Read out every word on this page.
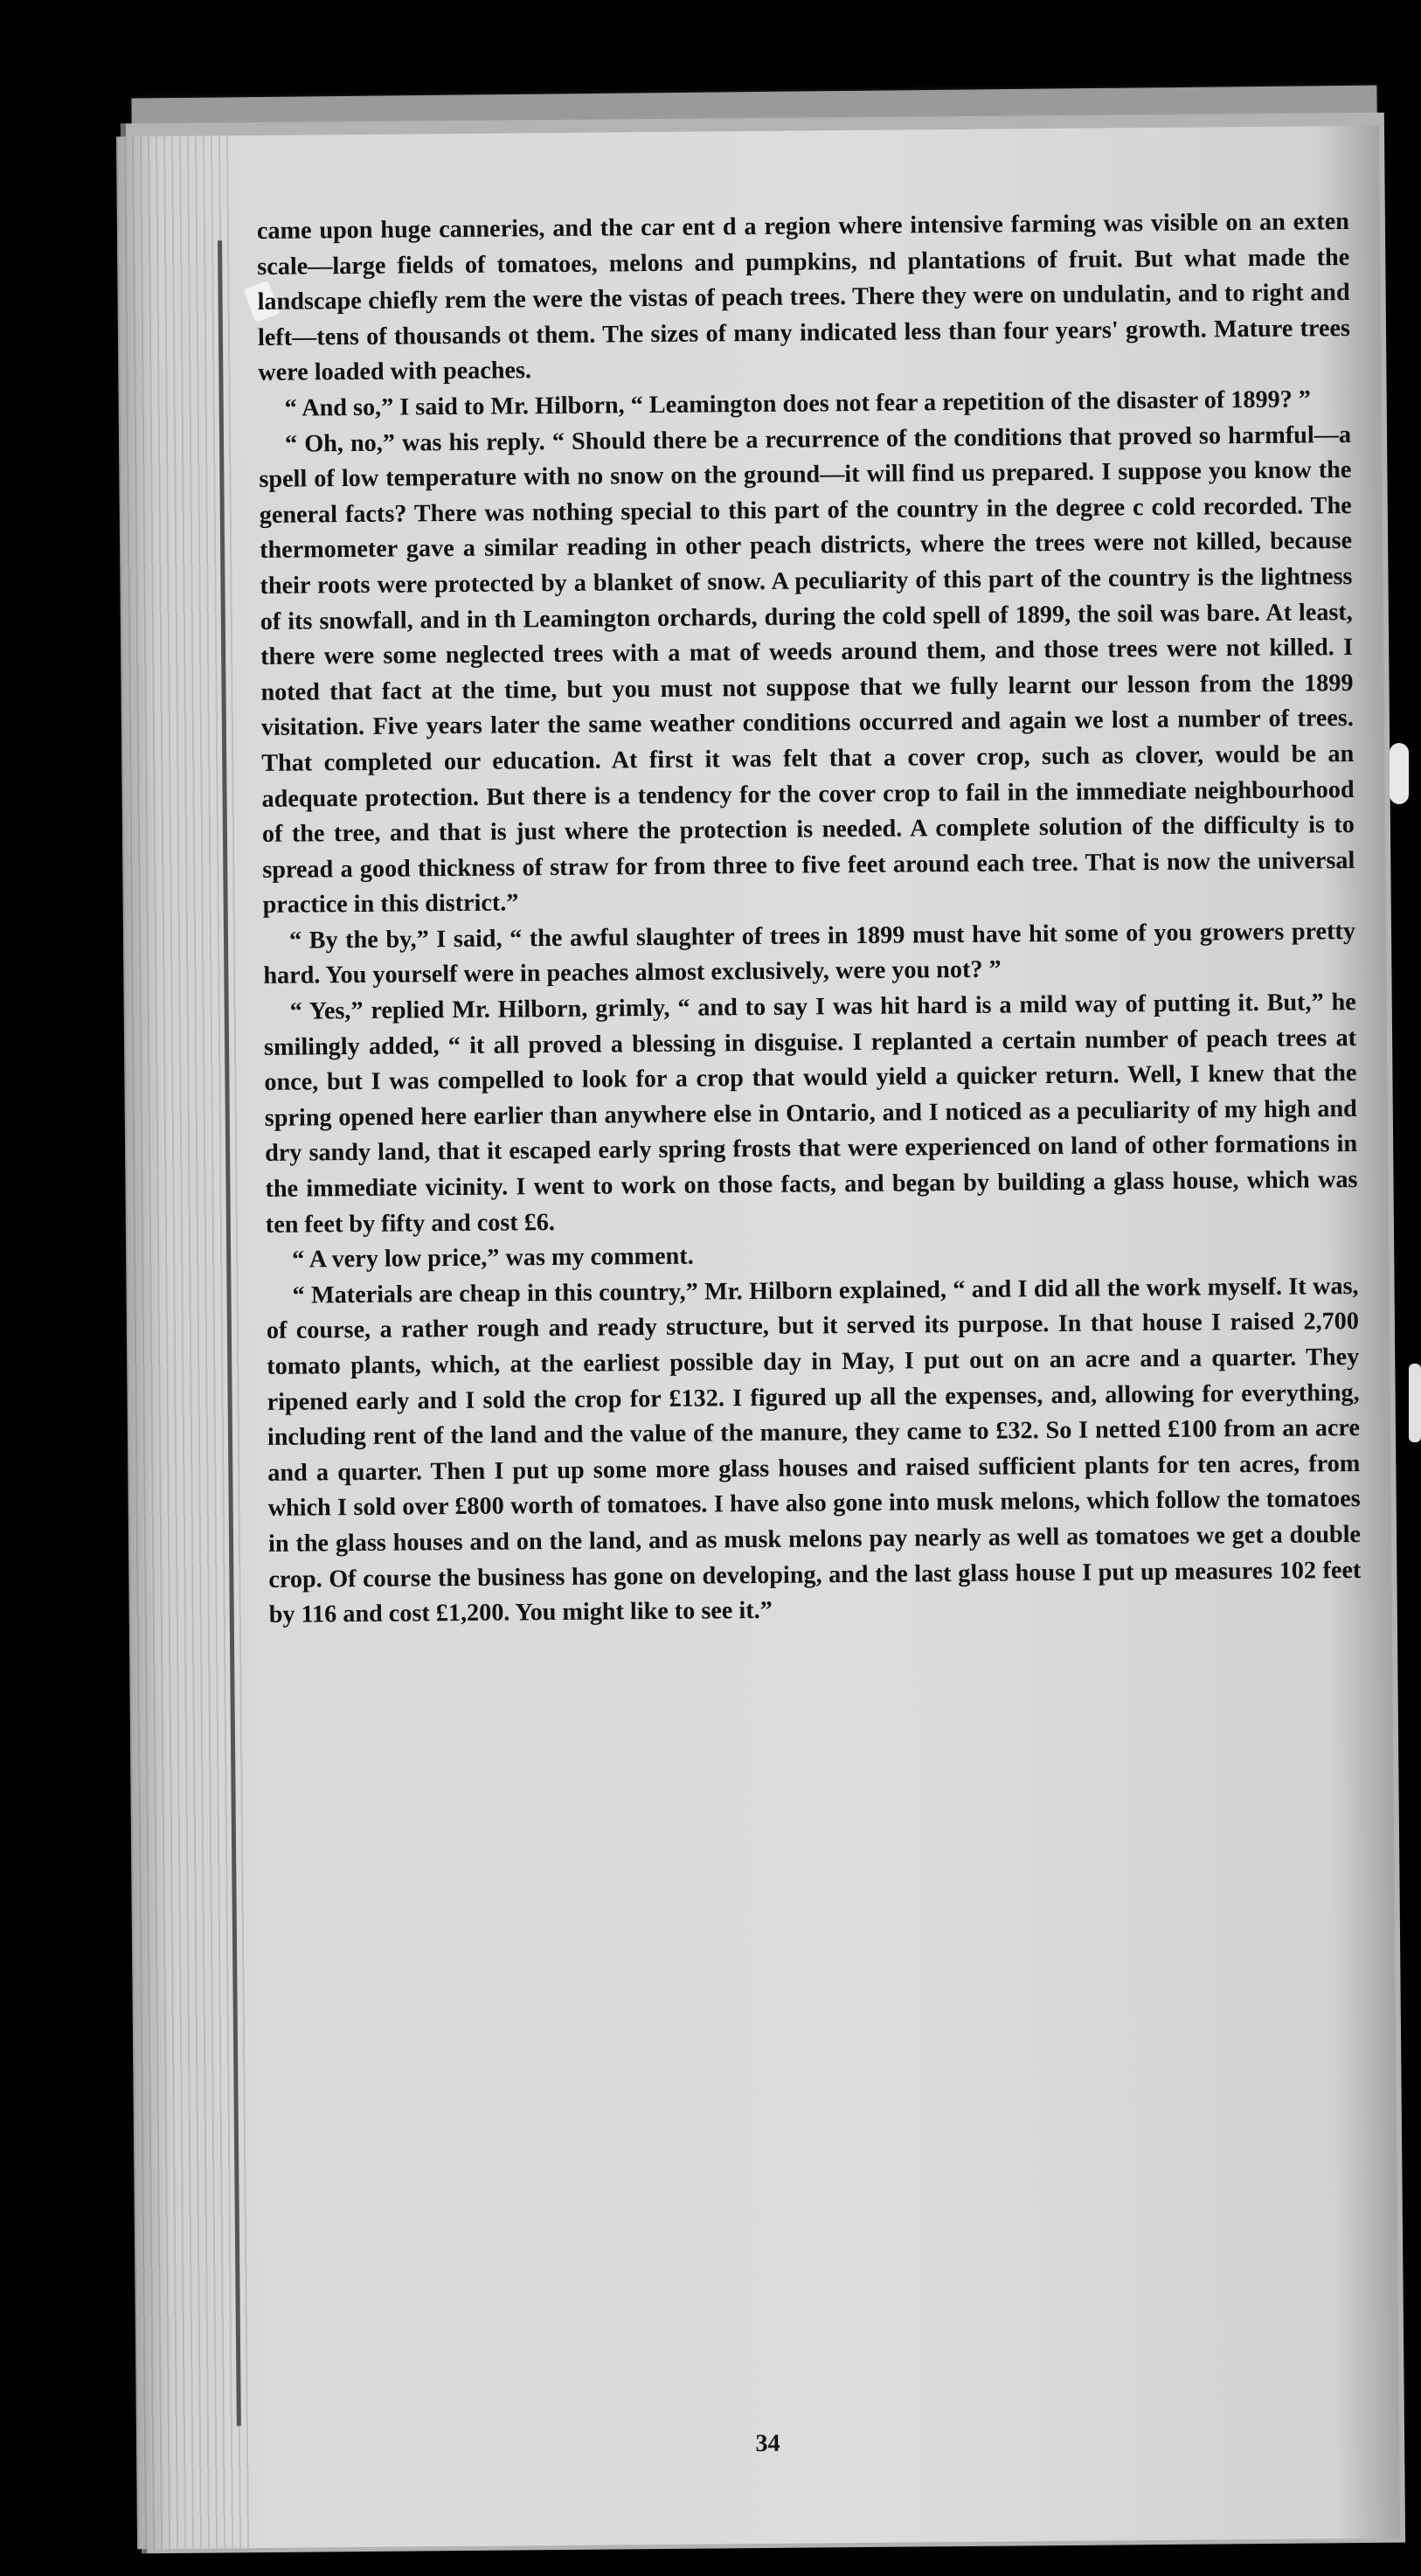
came upon huge canneries, and the car ent d a region where intensive farming was visible on an exten scale—large fields of tomatoes, melons and pumpkins, nd plantations of fruit. But what made the landscape chiefly rem the were the vistas of peach trees. There they were on undulatin, and to right and left—tens of thousands ot them. The sizes of many indicated less than four years' growth. Mature trees were loaded with peaches.

“ And so,” I said to Mr. Hilborn, “ Leamington does not fear a repetition of the disaster of 1899? ”

“ Oh, no,” was his reply. “ Should there be a recurrence of the conditions that proved so harmful—a spell of low temperature with no snow on the ground—it will find us prepared. I suppose you know the general facts? There was nothing special to this part of the country in the degree c cold recorded. The thermometer gave a similar reading in other peach districts, where the trees were not killed, because their roots were protected by a blanket of snow. A peculiarity of this part of the country is the lightness of its snowfall, and in th Leamington orchards, during the cold spell of 1899, the soil was bare. At least, there were some neglected trees with a mat of weeds around them, and those trees were not killed. I noted that fact at the time, but you must not suppose that we fully learnt our lesson from the 1899 visitation. Five years later the same weather conditions occurred and again we lost a number of trees. That completed our education. At first it was felt that a cover crop, such as clover, would be an adequate protection. But there is a tendency for the cover crop to fail in the immediate neighbourhood of the tree, and that is just where the protection is needed. A complete solution of the difficulty is to spread a good thickness of straw for from three to five feet around each tree. That is now the universal practice in this district.”

“ By the by,” I said, “ the awful slaughter of trees in 1899 must have hit some of you growers pretty hard. You yourself were in peaches almost exclusively, were you not? ”

“ Yes,” replied Mr. Hilborn, grimly, “ and to say I was hit hard is a mild way of putting it. But,” he smilingly added, “ it all proved a blessing in disguise. I replanted a certain number of peach trees at once, but I was compelled to look for a crop that would yield a quicker return. Well, I knew that the spring opened here earlier than anywhere else in Ontario, and I noticed as a peculiarity of my high and dry sandy land, that it escaped early spring frosts that were experienced on land of other formations in the immediate vicinity. I went to work on those facts, and began by building a glass house, which was ten feet by fifty and cost £6.

“ A very low price,” was my comment.

“ Materials are cheap in this country,” Mr. Hilborn explained, “ and I did all the work myself. It was, of course, a rather rough and ready structure, but it served its purpose. In that house I raised 2,700 tomato plants, which, at the earliest possible day in May, I put out on an acre and a quarter. They ripened early and I sold the crop for £132. I figured up all the expenses, and, allowing for everything, including rent of the land and the value of the manure, they came to £32. So I netted £100 from an acre and a quarter. Then I put up some more glass houses and raised sufficient plants for ten acres, from which I sold over £800 worth of tomatoes. I have also gone into musk melons, which follow the tomatoes in the glass houses and on the land, and as musk melons pay nearly as well as tomatoes we get a double crop. Of course the business has gone on developing, and the last glass house I put up measures 102 feet by 116 and cost £1,200. You might like to see it.”

34
